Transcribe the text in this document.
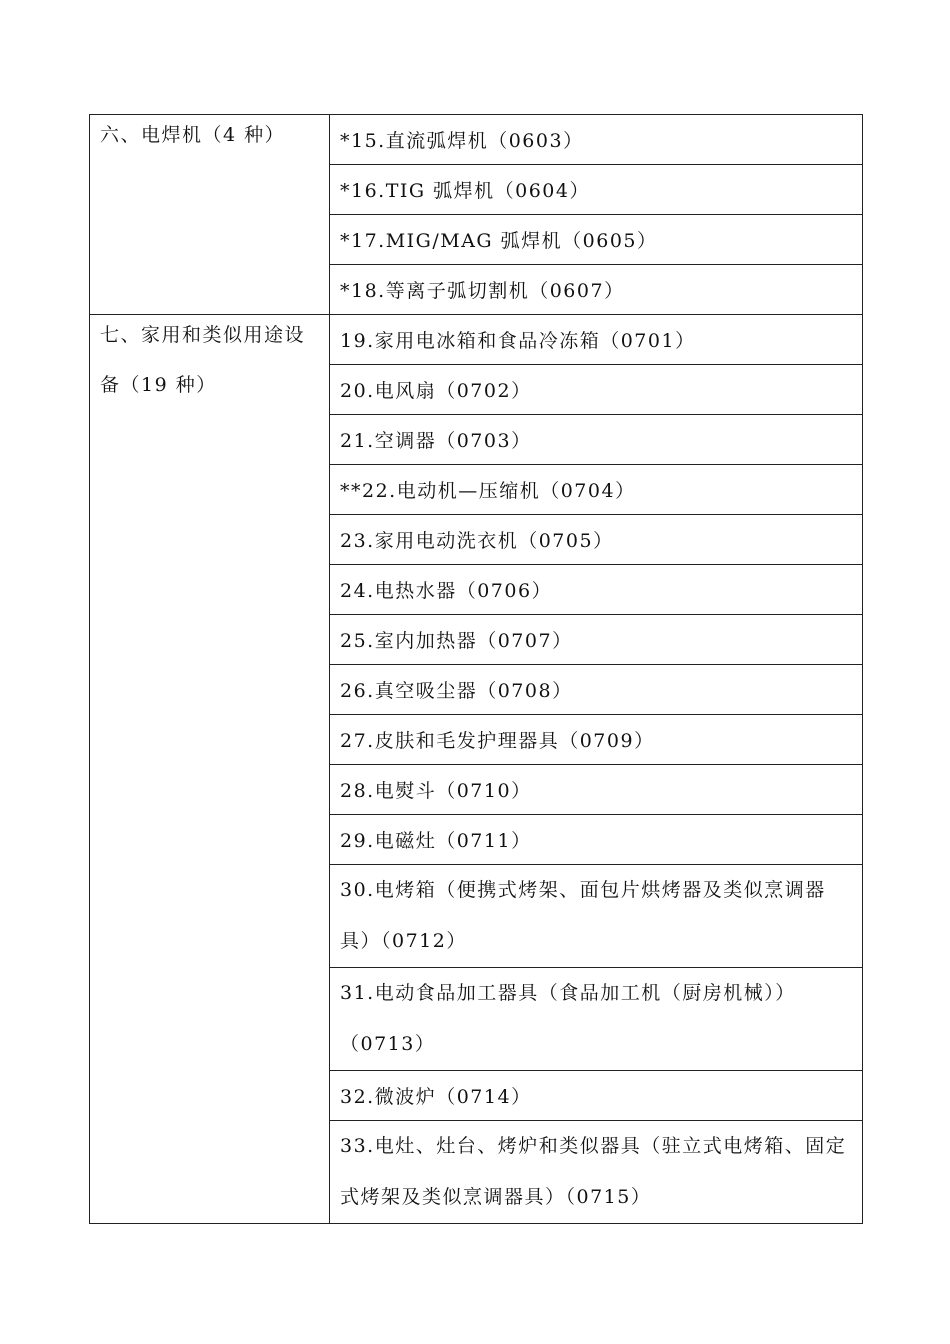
六、电焊机（4 种）	*15.直流弧焊机（0603）
	*16.TIG 弧焊机（0604）
	*17.MIG/MAG 弧焊机（0605）
	*18.等离子弧切割机（0607）

七、家用和类似用途设备（19 种）	19.家用电冰箱和食品冷冻箱（0701）
	20.电风扇（0702）
	21.空调器（0703）
	**22.电动机—压缩机（0704）
	23.家用电动洗衣机（0705）
	24.电热水器（0706）
	25.室内加热器（0707）
	26.真空吸尘器（0708）
	27.皮肤和毛发护理器具（0709）
	28.电熨斗（0710）
	29.电磁灶（0711）
	30.电烤箱（便携式烤架、面包片烘烤器及类似烹调器具）（0712）
	31.电动食品加工器具（食品加工机（厨房机械））（0713）
	32.微波炉（0714）
	33.电灶、灶台、烤炉和类似器具（驻立式电烤箱、固定式烤架及类似烹调器具）（0715）
